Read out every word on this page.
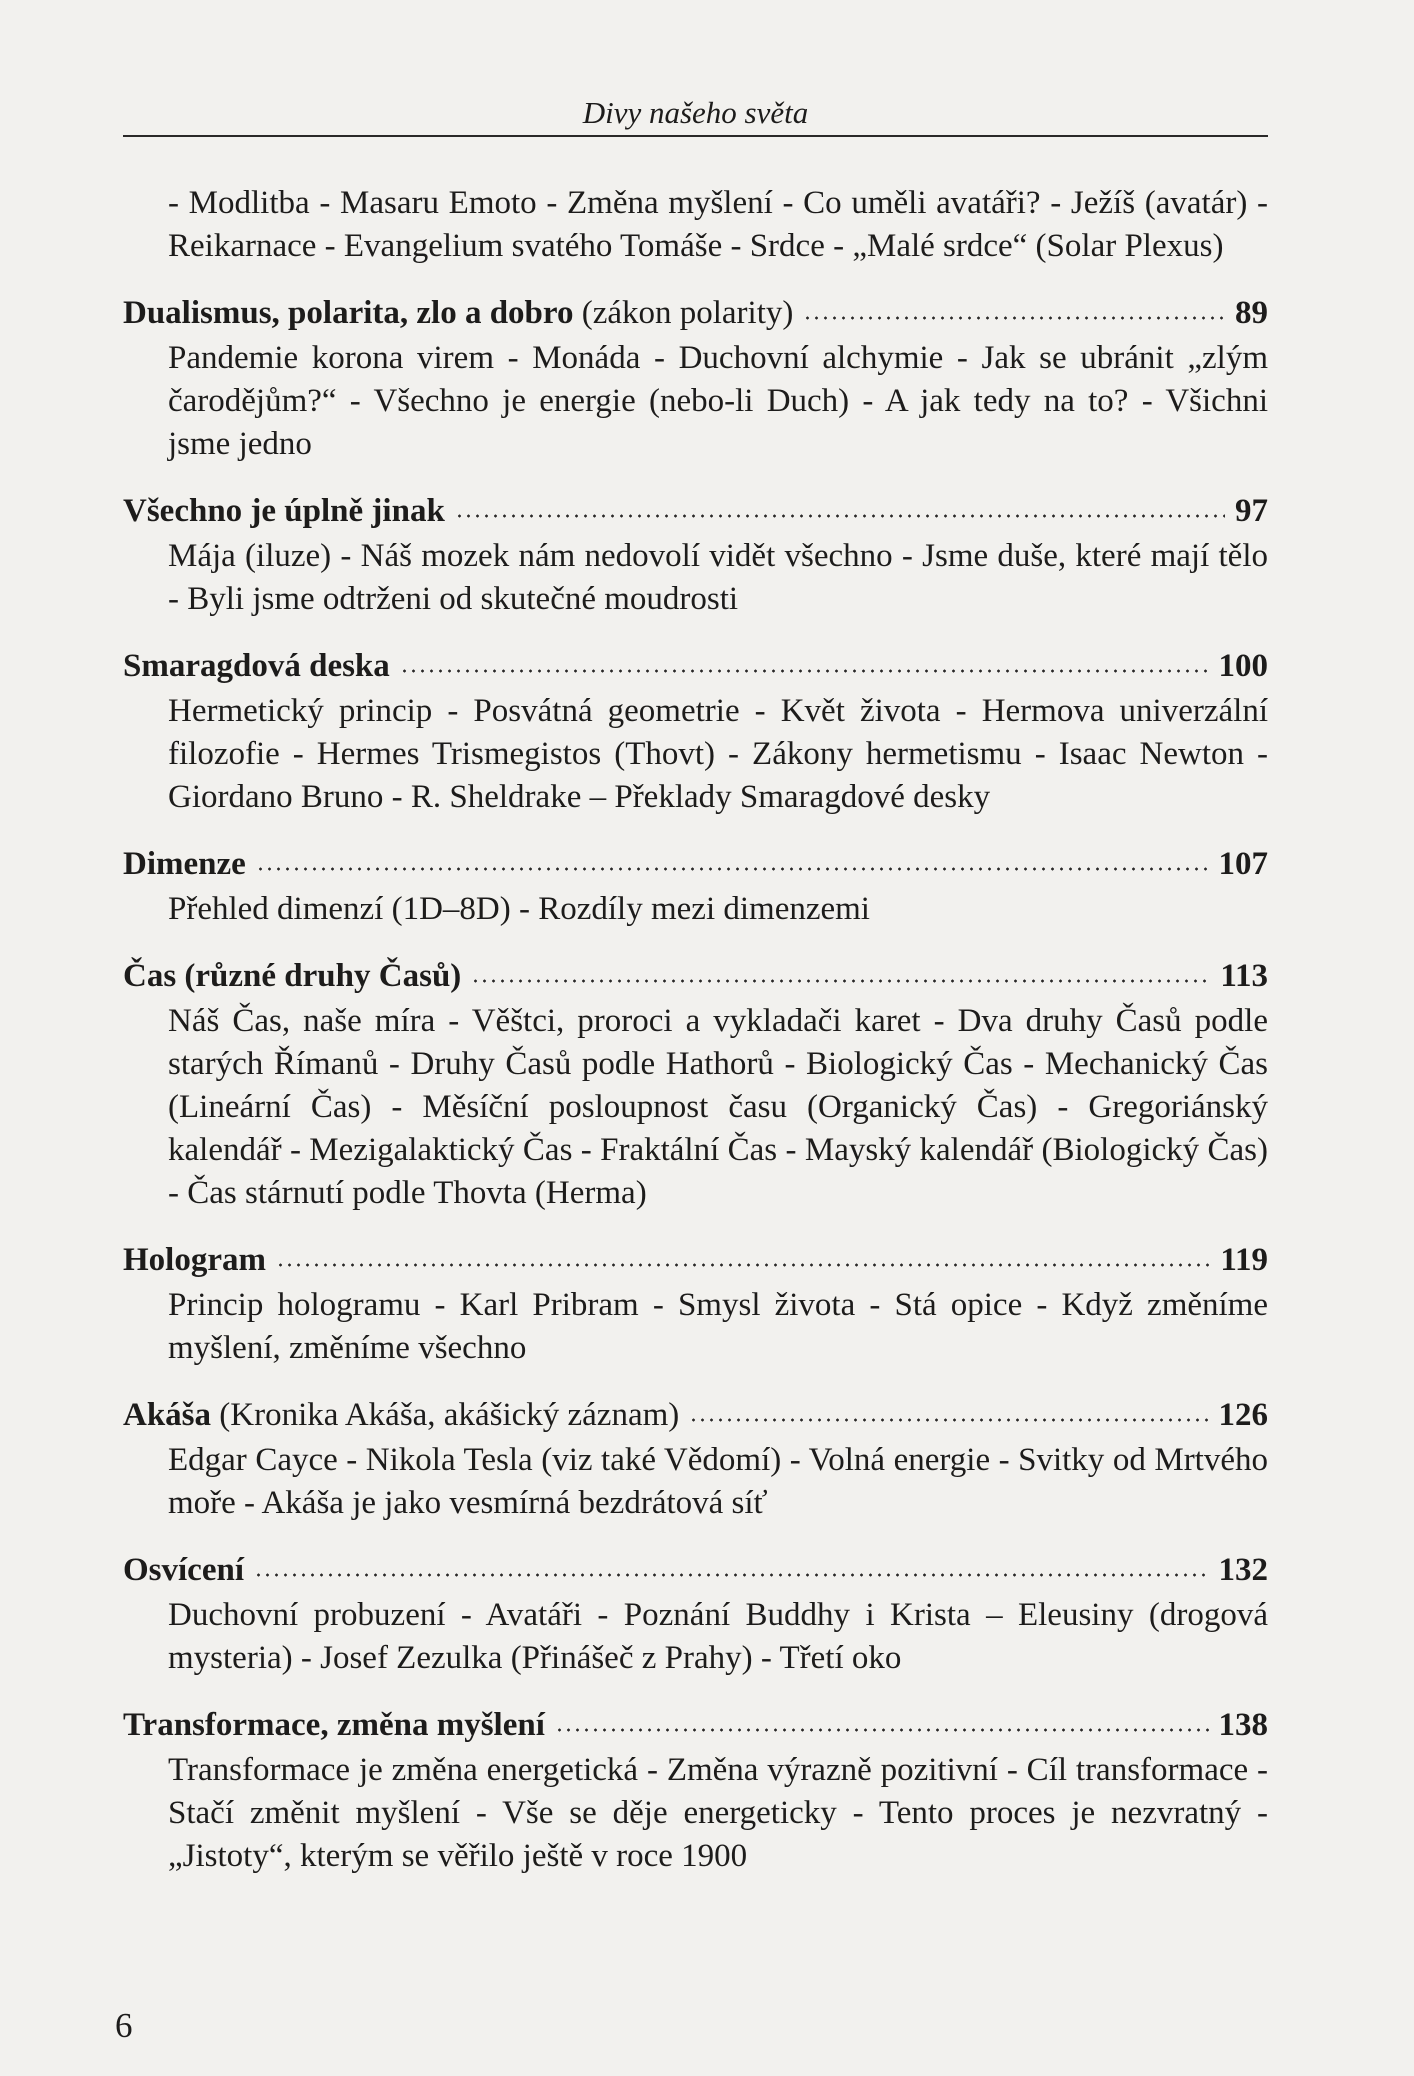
Divy našeho světa
- Modlitba - Masaru Emoto - Změna myšlení - Co uměli avatáři? - Ježíš (avatár) - Reikarnace - Evangelium svatého Tomáše - Srdce - „Malé srdce“ (Solar Plexus)
Dualismus, polarita, zlo a dobro (zákon polarity)	89
Pandemie korona virem - Monáda - Duchovní alchymie - Jak se ubránit „zlým čarodějům?“ - Všechno je energie (nebo-li Duch) - A jak tedy na to? - Všichni jsme jedno
Všechno je úplně jinak	97
Mája (iluze) - Náš mozek nám nedovolí vidět všechno - Jsme duše, které mají tělo - Byli jsme odtrženi od skutečné moudrosti
Smaragdová deska	100
Hermetický princip - Posvátná geometrie - Květ života - Hermova univerzální filozofie - Hermes Trismegistos (Thovt) - Zákony hermetismu - Isaac Newton - Giordano Bruno - R. Sheldrake – Překlady Smaragdové desky
Dimenze	107
Přehled dimenzí (1D–8D) - Rozdíly mezi dimenzemi
Čas (různé druhy Časů)	113
Náš Čas, naše míra - Věštci, proroci a vykladači karet - Dva druhy Časů podle starých Římanů - Druhy Časů podle Hathorů - Biologický Čas - Mechanický Čas (Lineární Čas) - Měsíční posloupnost času (Organický Čas) - Gregoriánský kalendář - Mezigalaktický Čas - Fraktální Čas - Mayský kalendář (Biologický Čas) - Čas stárnutí podle Thovta (Herma)
Hologram	119
Princip hologramu - Karl Pribram - Smysl života - Stá opice - Když změníme myšlení, změníme všechno
Akáša (Kronika Akáša, akášický záznam)	126
Edgar Cayce - Nikola Tesla (viz také Vědomí) - Volná energie - Svitky od Mrtvého moře - Akáša je jako vesmírná bezdrátová síť
Osvícení	132
Duchovní probuzení - Avatáři - Poznání Buddhy i Krista – Eleusiny (drogová mysteria) - Josef Zezulka (Přinášeč z Prahy) - Třetí oko
Transformace, změna myšlení	138
Transformace je změna energetická - Změna výrazně pozitivní - Cíl transformace - Stačí změnit myšlení - Vše se děje energeticky - Tento proces je nezvratný - „Jistoty“, kterým se věřilo ještě v roce 1900
6
